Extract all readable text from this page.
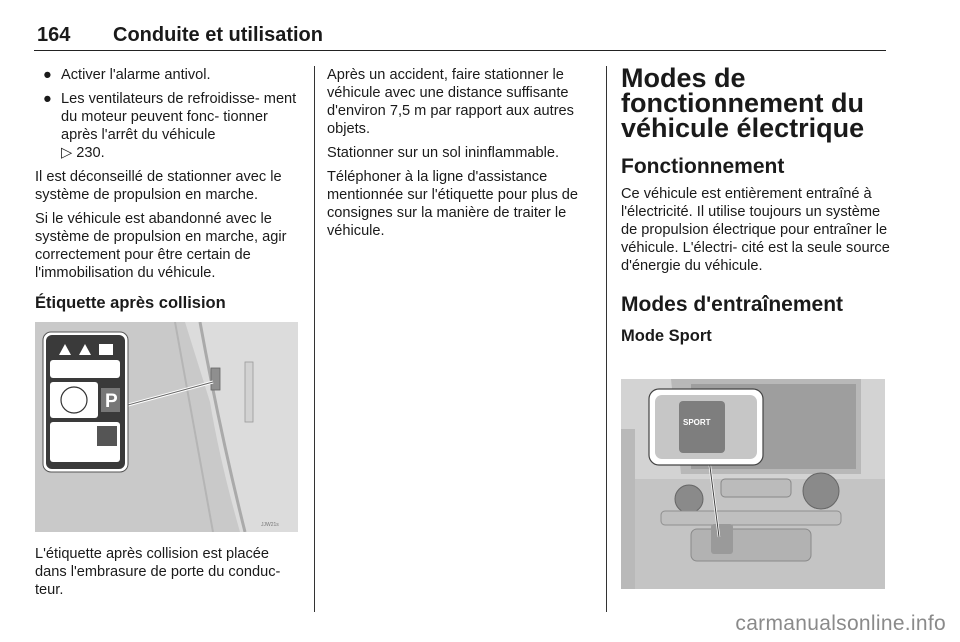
164 Conduite et utilisation
● Activer l'alarme antivol.
● Les ventilateurs de refroidisse- ment du moteur peuvent fonc- tionner après l'arrêt du véhicule
▷ 230.

Il est déconseillé de stationner avec le système de propulsion en marche.

Si le véhicule est abandonné avec le système de propulsion en marche, agir correctement pour être certain de l'immobilisation du véhicule.

Étiquette après collision
P
JJW21s

L'étiquette après collision est placée dans l'embrasure de porte du conduc- teur.

Après un accident, faire stationner le véhicule avec une distance suffisante d'environ 7,5 m par rapport aux autres objets.

Stationner sur un sol ininflammable.

Téléphoner à la ligne d'assistance mentionnée sur l'étiquette pour plus de consignes sur la manière de traiter le véhicule.

Modes de
fonctionnement du
véhicule électrique
Fonctionnement

Ce véhicule est entièrement entraîné à l'électricité. Il utilise toujours un système de propulsion électrique pour entraîner le véhicule. L'électri- cité est la seule source d'énergie du véhicule.

Modes d'entraînement
Mode Sport
SPORT
carmanualsonline.info
